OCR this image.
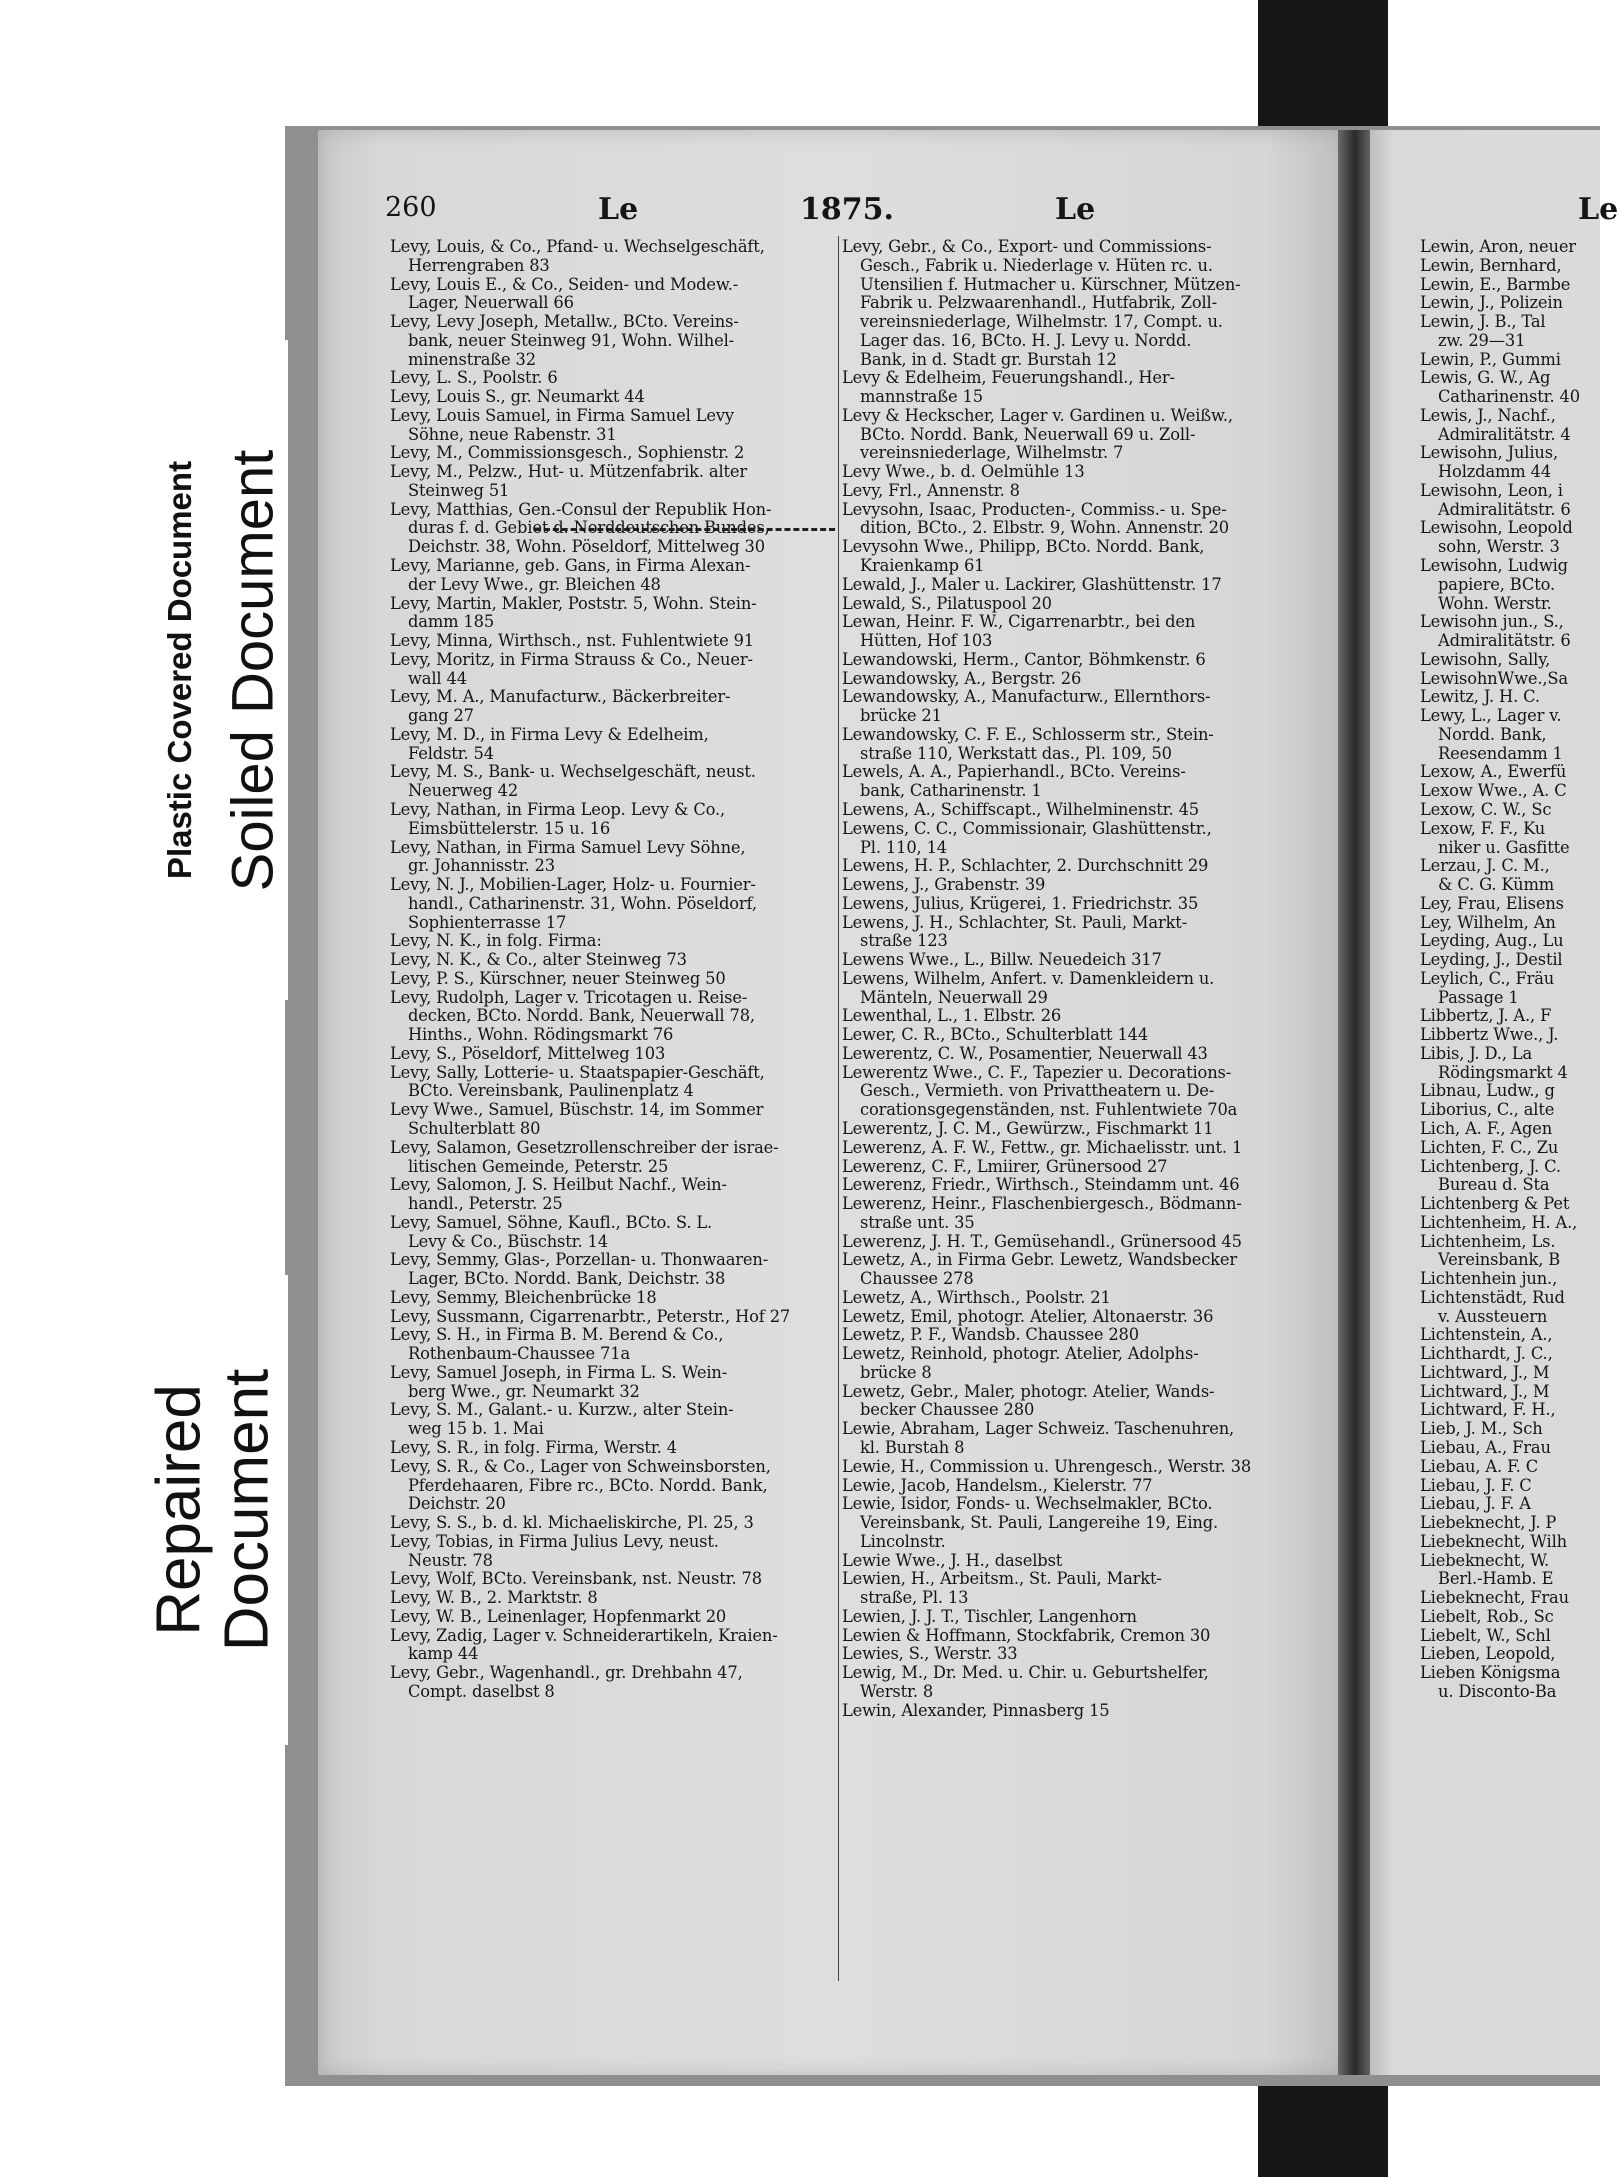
Plastic Covered Document Soiled Document
Repaired Document
260	Le	1875.	Le	Le
Levy, Louis, & Co., Pfand- u. Wechselgeschäft,
Herrengraben 83
Levy, Louis E., & Co., Seiden- und Modew.-
Lager, Neuerwall 66
Levy, Levy Joseph, Metallw., BCto. Vereins-
bank, neuer Steinweg 91, Wohn. Wilhel-
minenstraße 32
Levy, L. S., Poolstr. 6
Levy, Louis S., gr. Neumarkt 44
Levy, Louis Samuel, in Firma Samuel Levy
Söhne, neue Rabenstr. 31
Levy, M., Commissionsgesch., Sophienstr. 2
Levy, M., Pelzw., Hut- u. Mützenfabrik. alter
Steinweg 51
Levy, Matthias, Gen.-Consul der Republik Hon-
duras f. d. Gebiet d. Norddeutschen Bundes,
Deichstr. 38, Wohn. Pöseldorf, Mittelweg 30
Levy, Marianne, geb. Gans, in Firma Alexan-
der Levy Wwe., gr. Bleichen 48
Levy, Martin, Makler, Poststr. 5, Wohn. Stein-
damm 185
Levy, Minna, Wirthsch., nst. Fuhlentwiete 91
Levy, Moritz, in Firma Strauss & Co., Neuer-
wall 44
Levy, M. A., Manufacturw., Bäckerbreiter-
gang 27
Levy, M. D., in Firma Levy & Edelheim,
Feldstr. 54
Levy, M. S., Bank- u. Wechselgeschäft, neust.
Neuerweg 42
Levy, Nathan, in Firma Leop. Levy & Co.,
Eimsbüttelerstr. 15 u. 16
Levy, Nathan, in Firma Samuel Levy Söhne,
gr. Johannisstr. 23
Levy, N. J., Mobilien-Lager, Holz- u. Fournier-
handl., Catharinenstr. 31, Wohn. Pöseldorf,
Sophienterrasse 17
Levy, N. K., in folg. Firma:
Levy, N. K., & Co., alter Steinweg 73
Levy, P. S., Kürschner, neuer Steinweg 50
Levy, Rudolph, Lager v. Tricotagen u. Reise-
decken, BCto. Nordd. Bank, Neuerwall 78,
Hinths., Wohn. Rödingsmarkt 76
Levy, S., Pöseldorf, Mittelweg 103
Levy, Sally, Lotterie- u. Staatspapier-Geschäft,
BCto. Vereinsbank, Paulinenplatz 4
Levy Wwe., Samuel, Büschstr. 14, im Sommer
Schulterblatt 80
Levy, Salamon, Gesetzrollenschreiber der israe-
litischen Gemeinde, Peterstr. 25
Levy, Salomon, J. S. Heilbut Nachf., Wein-
handl., Peterstr. 25
Levy, Samuel, Söhne, Kaufl., BCto. S. L.
Levy & Co., Büschstr. 14
Levy, Semmy, Glas-, Porzellan- u. Thonwaaren-
Lager, BCto. Nordd. Bank, Deichstr. 38
Levy, Semmy, Bleichenbrücke 18
Levy, Sussmann, Cigarrenarbtr., Peterstr., Hof 27
Levy, S. H., in Firma B. M. Berend & Co.,
Rothenbaum-Chaussee 71a
Levy, Samuel Joseph, in Firma L. S. Wein-
berg Wwe., gr. Neumarkt 32
Levy, S. M., Galant.- u. Kurzw., alter Stein-
weg 15 b. 1. Mai
Levy, S. R., in folg. Firma, Werstr. 4
Levy, S. R., & Co., Lager von Schweinsborsten,
Pferdehaaren, Fibre rc., BCto. Nordd. Bank,
Deichstr. 20
Levy, S. S., b. d. kl. Michaeliskirche, Pl. 25, 3
Levy, Tobias, in Firma Julius Levy, neust.
Neustr. 78
Levy, Wolf, BCto. Vereinsbank, nst. Neustr. 78
Levy, W. B., 2. Marktstr. 8
Levy, W. B., Leinenlager, Hopfenmarkt 20
Levy, Zadig, Lager v. Schneiderartikeln, Kraien-
kamp 44
Levy, Gebr., Wagenhandl., gr. Drehbahn 47,
Compt. daselbst 8
Levy, Gebr., & Co., Export- und Commissions-
Gesch., Fabrik u. Niederlage v. Hüten rc. u.
Utensilien f. Hutmacher u. Kürschner, Mützen-
Fabrik u. Pelzwaarenhandl., Hutfabrik, Zoll-
vereinsniederlage, Wilhelmstr. 17, Compt. u.
Lager das. 16, BCto. H. J. Levy u. Nordd.
Bank, in d. Stadt gr. Burstah 12
Levy & Edelheim, Feuerungshandl., Her-
mannstraße 15
Levy & Heckscher, Lager v. Gardinen u. Weißw.,
BCto. Nordd. Bank, Neuerwall 69 u. Zoll-
vereinsniederlage, Wilhelmstr. 7
Levy Wwe., b. d. Oelmühle 13
Levy, Frl., Annenstr. 8
Levysohn, Isaac, Producten-, Commiss.- u. Spe-
dition, BCto., 2. Elbstr. 9, Wohn. Annenstr. 20
Levysohn Wwe., Philipp, BCto. Nordd. Bank,
Kraienkamp 61
Lewald, J., Maler u. Lackirer, Glashüttenstr. 17
Lewald, S., Pilatuspool 20
Lewan, Heinr. F. W., Cigarrenarbtr., bei den
Hütten, Hof 103
Lewandowski, Herm., Cantor, Böhmkenstr. 6
Lewandowsky, A., Bergstr. 26
Lewandowsky, A., Manufacturw., Ellernthors-
brücke 21
Lewandowsky, C. F. E., Schlosserm str., Stein-
straße 110, Werkstatt das., Pl. 109, 50
Lewels, A. A., Papierhandl., BCto. Vereins-
bank, Catharinenstr. 1
Lewens, A., Schiffscapt., Wilhelminenstr. 45
Lewens, C. C., Commissionair, Glashüttenstr.,
Pl. 110, 14
Lewens, H. P., Schlachter, 2. Durchschnitt 29
Lewens, J., Grabenstr. 39
Lewens, Julius, Krügerei, 1. Friedrichstr. 35
Lewens, J. H., Schlachter, St. Pauli, Markt-
straße 123
Lewens Wwe., L., Billw. Neuedeich 317
Lewens, Wilhelm, Anfert. v. Damenkleidern u.
Mänteln, Neuerwall 29
Lewenthal, L., 1. Elbstr. 26
Lewer, C. R., BCto., Schulterblatt 144
Lewerentz, C. W., Posamentier, Neuerwall 43
Lewerentz Wwe., C. F., Tapezier u. Decorations-
Gesch., Vermieth. von Privattheatern u. De-
corationsgegenständen, nst. Fuhlentwiete 70a
Lewerentz, J. C. M., Gewürzw., Fischmarkt 11
Lewerenz, A. F. W., Fettw., gr. Michaelisstr. unt. 1
Lewerenz, C. F., Lmiirer, Grünersood 27
Lewerenz, Friedr., Wirthsch., Steindamm unt. 46
Lewerenz, Heinr., Flaschenbiergesch., Bödmann-
straße unt. 35
Lewerenz, J. H. T., Gemüsehandl., Grünersood 45
Lewetz, A., in Firma Gebr. Lewetz, Wandsbecker
Chaussee 278
Lewetz, A., Wirthsch., Poolstr. 21
Lewetz, Emil, photogr. Atelier, Altonaerstr. 36
Lewetz, P. F., Wandsb. Chaussee 280
Lewetz, Reinhold, photogr. Atelier, Adolphs-
brücke 8
Lewetz, Gebr., Maler, photogr. Atelier, Wands-
becker Chaussee 280
Lewie, Abraham, Lager Schweiz. Taschenuhren,
kl. Burstah 8
Lewie, H., Commission u. Uhrengesch., Werstr. 38
Lewie, Jacob, Handelsm., Kielerstr. 77
Lewie, Isidor, Fonds- u. Wechselmakler, BCto.
Vereinsbank, St. Pauli, Langereihe 19, Eing.
Lincolnstr.
Lewie Wwe., J. H., daselbst
Lewien, H., Arbeitsm., St. Pauli, Markt-
straße, Pl. 13
Lewien, J. J. T., Tischler, Langenhorn
Lewien & Hoffmann, Stockfabrik, Cremon 30
Lewies, S., Werstr. 33
Lewig, M., Dr. Med. u. Chir. u. Geburtshelfer,
Werstr. 8
Lewin, Alexander, Pinnasberg 15
Lewin, Aron, neuer
Lewin, Bernhard,
Lewin, E., Barmbe
Lewin, J., Polizein
Lewin, J. B., Tal
zw. 29—31
Lewin, P., Gummi
Lewis, G. W., Ag
Catharinenstr. 40
Lewis, J., Nachf.,
Admiralitätstr. 4
Lewisohn, Julius,
Holzdamm 44
Lewisohn, Leon, i
Admiralitätstr. 6
Lewisohn, Leopold
sohn, Werstr. 3
Lewisohn, Ludwig
papiere, BCto.
Wohn. Werstr.
Lewisohn jun., S.,
Admiralitätstr. 6
Lewisohn, Sally,
LewisohnWwe.,Sa
Lewitz, J. H. C.
Lewy, L., Lager v.
Nordd. Bank,
Reesendamm 1
Lexow, A., Ewerfü
Lexow Wwe., A. C
Lexow, C. W., Sc
Lexow, F. F., Ku
niker u. Gasfitte
Lerzau, J. C. M.,
& C. G. Kümm
Ley, Frau, Elisens
Ley, Wilhelm, An
Leyding, Aug., Lu
Leyding, J., Destil
Leylich, C., Fräu
Passage 1
Libbertz, J. A., F
Libbertz Wwe., J.
Libis, J. D., La
Rödingsmarkt 4
Libnau, Ludw., g
Liborius, C., alte
Lich, A. F., Agen
Lichten, F. C., Zu
Lichtenberg, J. C.
Bureau d. Sta
Lichtenberg & Pet
Lichtenheim, H. A.,
Lichtenheim, Ls.
Vereinsbank, B
Lichtenhein jun.,
Lichtenstädt, Rud
v. Aussteuern
Lichtenstein, A.,
Lichthardt, J. C.,
Lichtward, J., M
Lichtward, J., M
Lichtward, F. H.,
Lieb, J. M., Sch
Liebau, A., Frau
Liebau, A. F. C
Liebau, J. F. C
Liebau, J. F. A
Liebeknecht, J. P
Liebeknecht, Wilh
Liebeknecht, W.
Berl.-Hamb. E
Liebeknecht, Frau
Liebelt, Rob., Sc
Liebelt, W., Schl
Lieben, Leopold,
Lieben Königsma
u. Disconto-Ba
